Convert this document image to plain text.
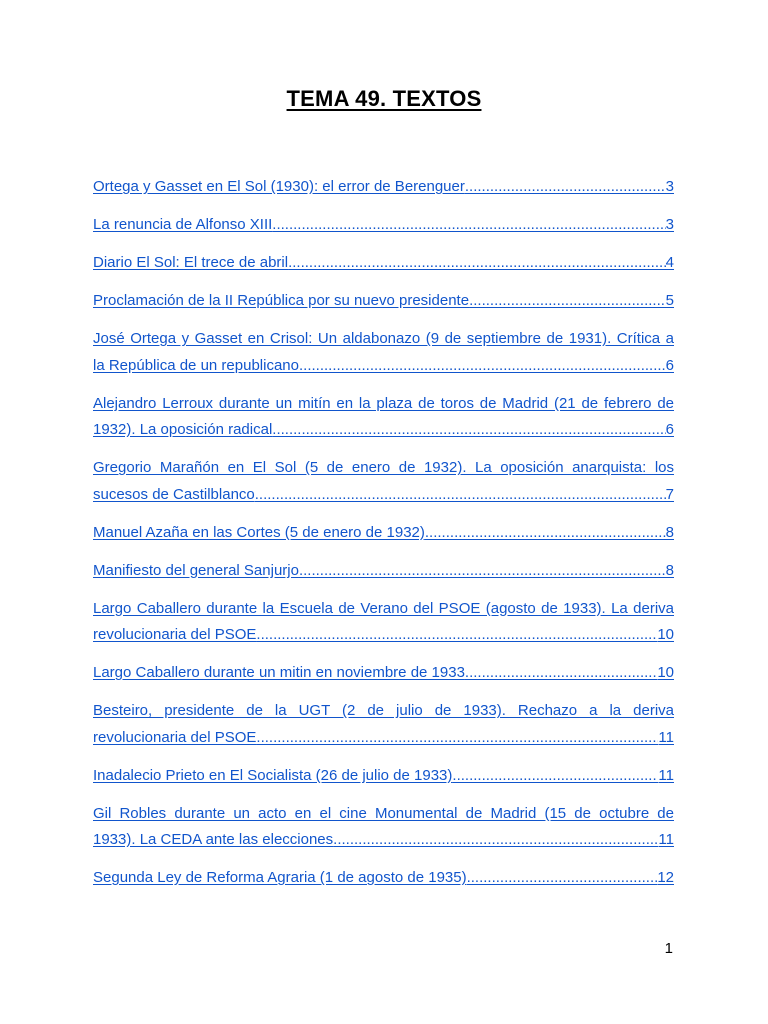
TEMA 49. TEXTOS
Ortega y Gasset en El Sol (1930): el error de Berenguer .....	3
La renuncia de Alfonso XIII .....	3
Diario El Sol: El trece de abril .....	4
Proclamación de la II República por su nuevo presidente .....	5
José Ortega y Gasset en Crisol: Un aldabonazo (9 de septiembre de 1931). Crítica a
la República de un republicano .....	6
Alejandro Lerroux durante un mitín en la plaza de toros de Madrid (21 de febrero de
1932). La oposición radical .....	6
Gregorio Marañón en El Sol (5 de enero de 1932). La oposición anarquista: los
sucesos de Castilblanco .....	7
Manuel Azaña en las Cortes (5 de enero de 1932) .....	8
Manifiesto del general Sanjurjo .....	8
Largo Caballero durante la Escuela de Verano del PSOE (agosto de 1933). La deriva
revolucionaria del PSOE .....	10
Largo Caballero durante un mitin en noviembre de 1933 .....	10
Besteiro, presidente de la UGT (2 de julio de 1933). Rechazo a la deriva
revolucionaria del PSOE .....	11
Inadalecio Prieto en El Socialista (26 de julio de 1933) .....	11
Gil Robles durante un acto en el cine Monumental de Madrid (15 de octubre de
1933). La CEDA ante las elecciones .....	11
Segunda Ley de Reforma Agraria (1 de agosto de 1935) .....	12
1
